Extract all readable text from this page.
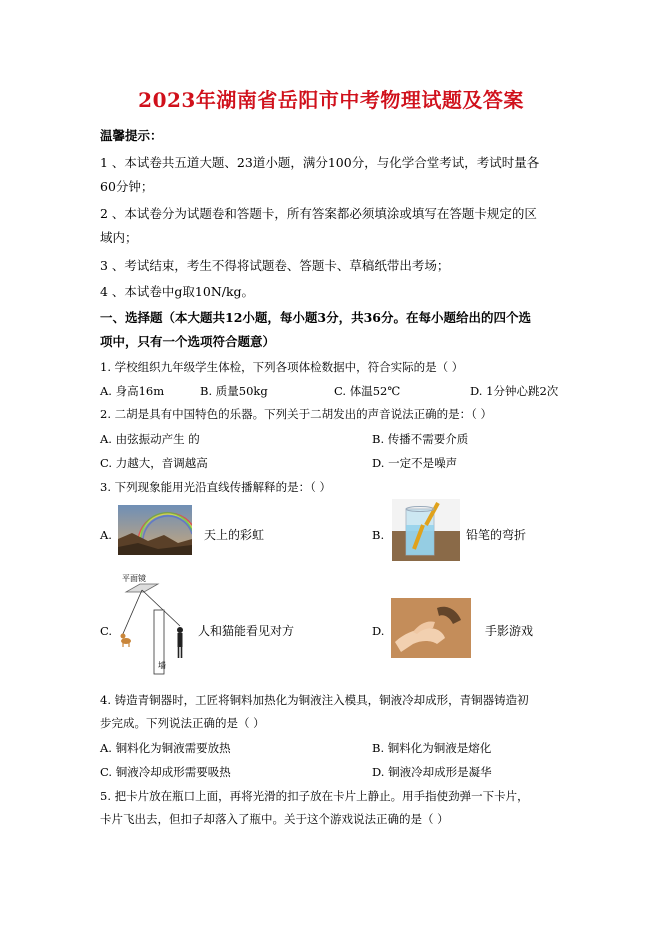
2023年湖南省岳阳市中考物理试题及答案
温馨提示：
1 、本试卷共五道大题、23道小题，满分100分，与化学合堂考试，考试时量各
60分钟；
2 、本试卷分为试题卷和答题卡，所有答案都必须填涂或填写在答题卡规定的区
域内；
3 、考试结束，考生不得将试题卷、答题卡、草稿纸带出考场；
4 、本试卷中g取10N/kg。
一、选择题（本大题共12小题，每小题3分，共36分。在每小题给出的四个选
项中，只有一个选项符合题意）
1. 学校组织九年级学生体检，下列各项体检数据中，符合实际的是（ ）
A. 身高16m	B. 质量50kg	C. 体温52℃	D. 1分钟心跳2次
2. 二胡是具有中国特色的乐器。下列关于二胡发出的声音说法正确的是：（ ）
A. 由弦振动产生 的	B. 传播不需要介质
C. 力越大，音调越高	D. 一定不是噪声
3. 下列现象能用光沿直线传播解释的是：（ ）
A.	天上的彩虹	B.	铅笔的弯折
C.
平面镜
墙
人和猫能看见对方	D.	手影游戏
4. 铸造青铜器时，工匠将铜料加热化为铜液注入模具，铜液冷却成形，青铜器铸造初
步完成。下列说法正确的是（ ）
A. 铜料化为铜液需要放热	B. 铜料化为铜液是熔化
C. 铜液冷却成形需要吸热	D. 铜液冷却成形是凝华
5. 把卡片放在瓶口上面，再将光滑的扣子放在卡片上静止。用手指使劲弹一下卡片，
卡片飞出去，但扣子却落入了瓶中。关于这个游戏说法正确的是（ ）
